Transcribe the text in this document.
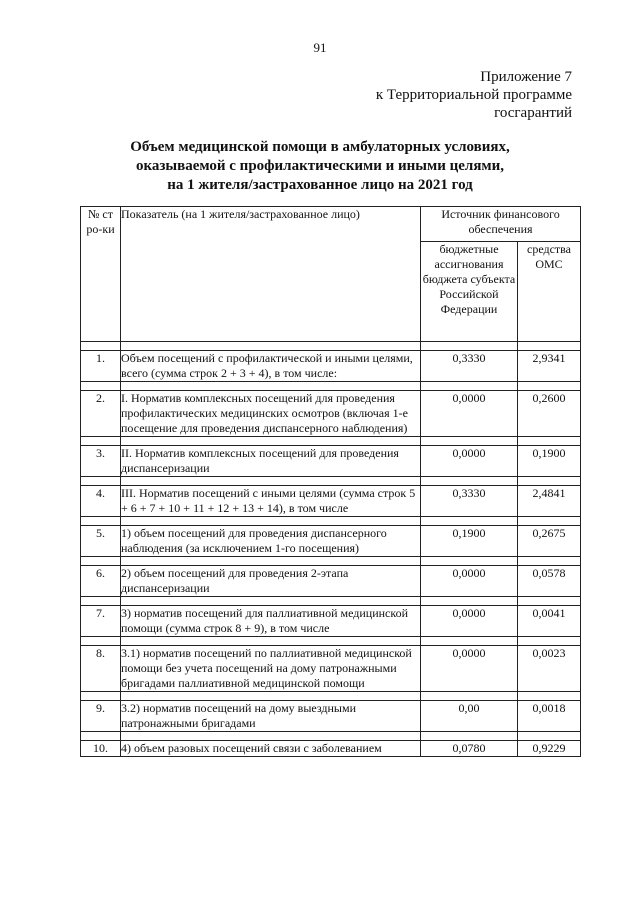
91
Приложение 7
к Территориальной программе
госгарантий
Объем медицинской помощи в амбулаторных условиях,
оказываемой с профилактическими и иными целями,
на 1 жителя/застрахованное лицо на 2021 год
№ стро-ки	Показатель (на 1 жителя/застрахованное лицо)	Источник финансового обеспечения	
		бюджетные ассигнования бюджета субъекта Российской Федерации	средства ОМС

1.	Объем посещений с профилактической и иными целями, всего (сумма строк 2 + 3 + 4), в том числе:	0,3330	2,9341

2.	I. Норматив комплексных посещений для проведения профилактических медицинских осмотров (включая 1-е посещение для проведения диспансерного наблюдения)	0,0000	0,2600

3.	II. Норматив комплексных посещений для проведения диспансеризации	0,0000	0,1900

4.	III. Норматив посещений с иными целями (сумма строк 5 + 6 + 7 + 10 + 11 + 12 + 13 + 14), в том числе	0,3330	2,4841

5.	1) объем посещений для проведения диспансерного наблюдения (за исключением 1-го посещения)	0,1900	0,2675

6.	2) объем посещений для проведения 2-этапа диспансеризации	0,0000	0,0578

7.	3) норматив посещений для паллиативной медицинской помощи (сумма строк 8 + 9), в том числе	0,0000	0,0041

8.	3.1) норматив посещений по паллиативной медицинской помощи без учета посещений на дому патронажными бригадами паллиативной медицинской помощи	0,0000	0,0023

9.	3.2) норматив посещений на дому выездными патронажными бригадами	0,00	0,0018

10.	4) объем разовых посещений связи с заболеванием	0,0780	0,9229
